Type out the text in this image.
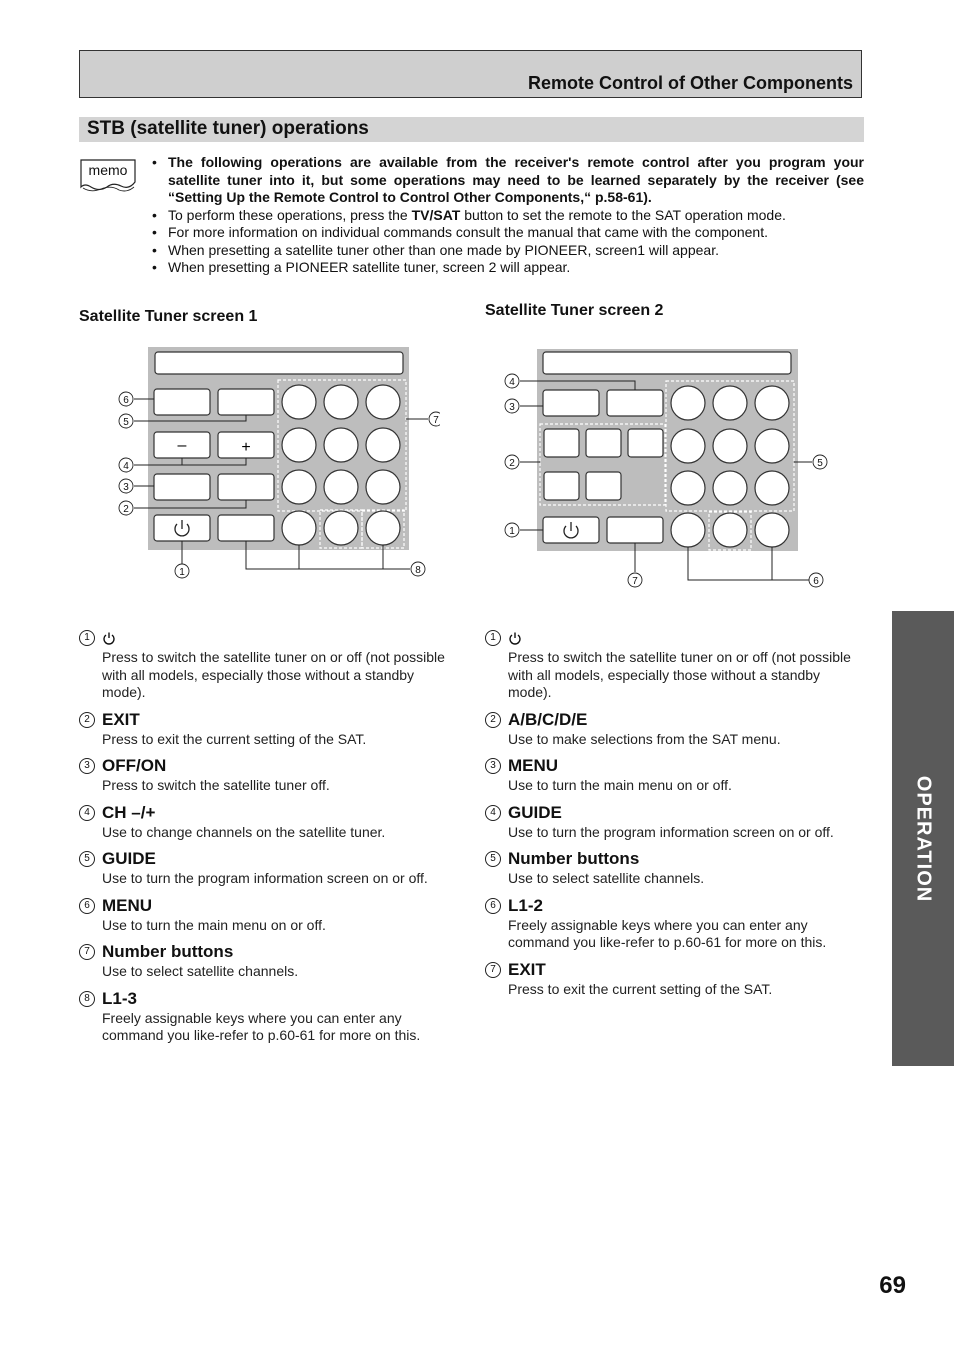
Remote Control of Other Components
STB (satellite tuner) operations
memo • The following operations are available from the receiver's remote control after you program your satellite tuner into it, but some operations may need to be learned separately by the receiver (see “Setting Up the Remote Control to Control Other Components,“ p.58-61).
• To perform these operations, press the TV/SAT button to set the remote to the SAT operation mode.
• For more information on individual commands consult the manual that came with the component.
• When presetting a satellite tuner other than one made by PIONEER, screen1 will appear.
• When presetting a PIONEER satellite tuner, screen 2 will appear.
Satellite Tuner screen 1	Satellite Tuner screen 2
–	+
6
5
4
3
2
1
7
8
4
3
2
1
5
7	6
1
Press to switch the satellite tuner on or off (not possible with all models, especially those without a standby mode).
2 EXIT
Press to exit the current setting of the SAT.
3 OFF/ON
Press to switch the satellite tuner off.
4 CH –/+
Use to change channels on the satellite tuner.
5 GUIDE
Use to turn the program information screen on or off.
6 MENU
Use to turn the main menu on or off.
7 Number buttons
Use to select satellite channels.
8 L1-3
Freely assignable keys where you can enter any command you like-refer to p.60-61 for more on this.
1
Press to switch the satellite tuner on or off (not possible with all models, especially those without a standby mode).
2 A/B/C/D/E
Use to make selections from the SAT menu.
3 MENU
Use to turn the main menu on or off.
4 GUIDE
Use to turn the program information screen on or off.
5 Number buttons
Use to select satellite channels.
6 L1-2
Freely assignable keys where you can enter any command you like-refer to p.60-61 for more on this.
7 EXIT
Press to exit the current setting of the SAT.
OPERATION
69
